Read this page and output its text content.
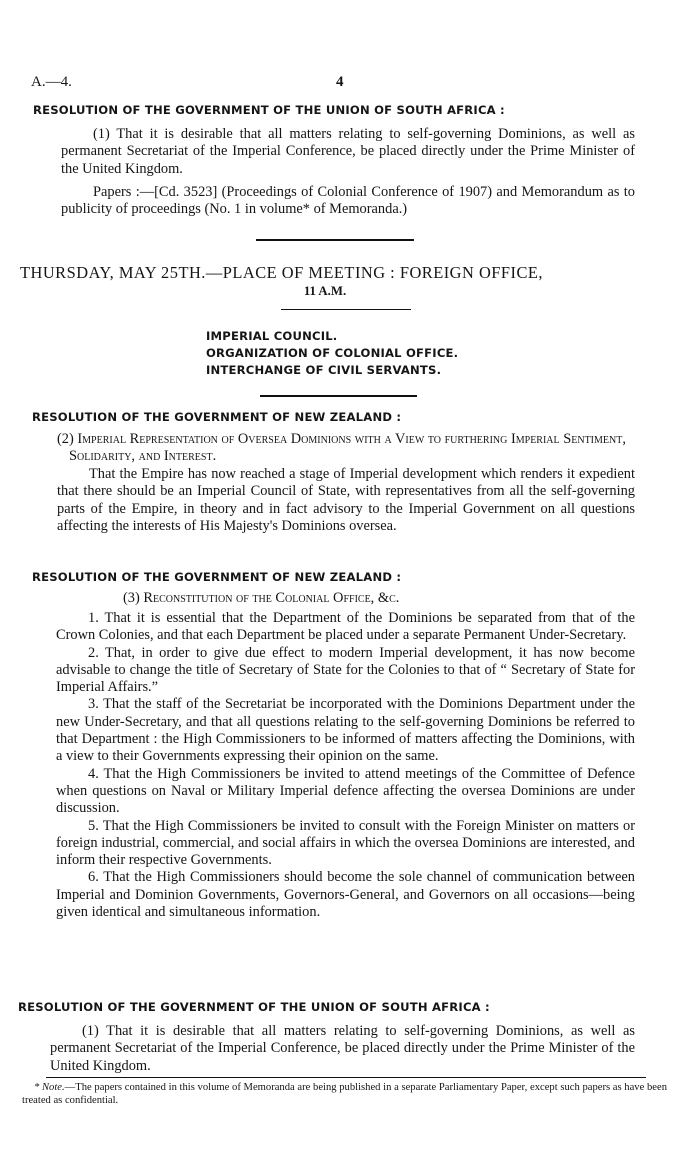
A.—4.	4

RESOLUTION OF THE GOVERNMENT OF THE UNION OF SOUTH AFRICA :

(1) That it is desirable that all matters relating to self-governing Dominions, as well as permanent Secretariat of the Imperial Conference, be placed directly under the Prime Minister of the United Kingdom.

Papers :—[Cd. 3523] (Proceedings of Colonial Conference of 1907) and Memorandum as to publicity of proceedings (No. 1 in volume* of Memoranda.)

THURSDAY, MAY 25TH.—PLACE OF MEETING : FOREIGN OFFICE,

11 A.M.

IMPERIAL COUNCIL.

ORGANIZATION OF COLONIAL OFFICE.

INTERCHANGE OF CIVIL SERVANTS.

RESOLUTION OF THE GOVERNMENT OF NEW ZEALAND :

(2) Imperial Representation of Oversea Dominions with a View to furthering Imperial Sentiment, Solidarity, and Interest.

That the Empire has now reached a stage of Imperial development which renders it expedient that there should be an Imperial Council of State, with representatives from all the self-governing parts of the Empire, in theory and in fact advisory to the Imperial Government on all questions affecting the interests of His Majesty's Dominions oversea.

RESOLUTION OF THE GOVERNMENT OF NEW ZEALAND :

(3) Reconstitution of the Colonial Office, &c.

1. That it is essential that the Department of the Dominions be separated from that of the Crown Colonies, and that each Department be placed under a separate Permanent Under-Secretary.

2. That, in order to give due effect to modern Imperial development, it has now become advisable to change the title of Secretary of State for the Colonies to that of “ Secretary of State for Imperial Affairs.”

3. That the staff of the Secretariat be incorporated with the Dominions Department under the new Under-Secretary, and that all questions relating to the self-governing Dominions be referred to that Department : the High Commissioners to be informed of matters affecting the Dominions, with a view to their Governments expressing their opinion on the same.

4. That the High Commissioners be invited to attend meetings of the Committee of Defence when questions on Naval or Military Imperial defence affecting the oversea Dominions are under discussion.

5. That the High Commissioners be invited to consult with the Foreign Minister on matters or foreign industrial, commercial, and social affairs in which the oversea Dominions are interested, and inform their respective Governments.

6. That the High Commissioners should become the sole channel of communication between Imperial and Dominion Governments, Governors-General, and Governors on all occasions—being given identical and simultaneous information.

RESOLUTION OF THE GOVERNMENT OF THE UNION OF SOUTH AFRICA :

(1) That it is desirable that all matters relating to self-governing Dominions, as well as permanent Secretariat of the Imperial Conference, be placed directly under the Prime Minister of the United Kingdom.

* Note.—The papers contained in this volume of Memoranda are being published in a separate Parliamentary Paper, except such papers as have been treated as confidential.
